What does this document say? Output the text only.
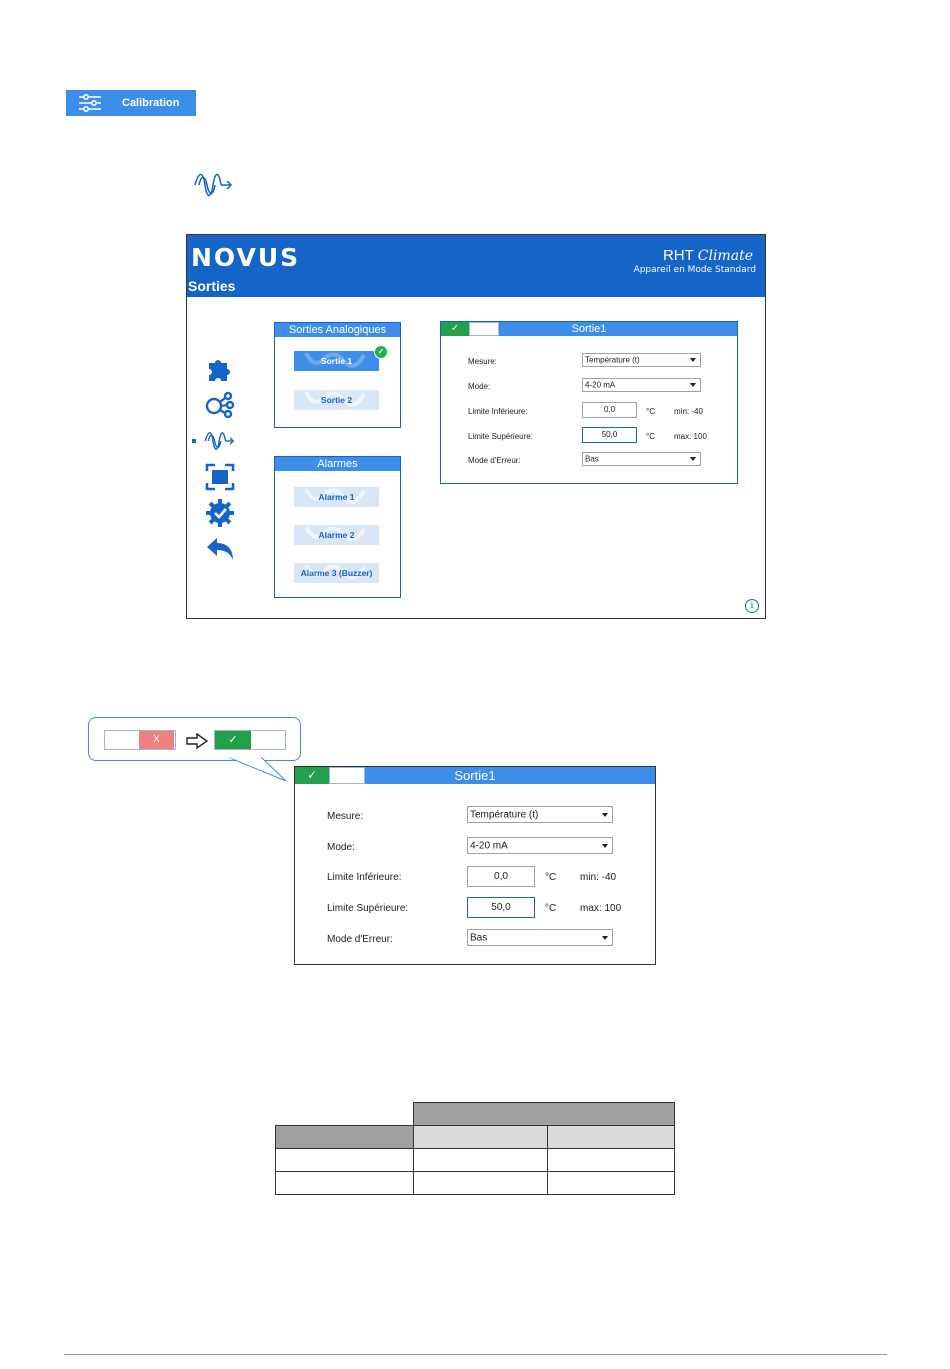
Calibration
NOVUS
Sorties
RHT Climate
Appareil en Mode Standard
Sorties Analogiques
Sortie 1
✓
Sortie 2
Alarmes
Alarme 1
Alarme 2
Alarme 3 (Buzzer)
✓	Sortie1
Mesure:	Température (t)
Mode:	4-20 mA
Limite Inférieure:	0,0	°C min: -40
Limite Supérieure:	50,0	°C max: 100
Mode d'Erreur:	Bas
i
X	✓
✓	Sortie1
Mesure:	Température (t)
Mode:	4-20 mA
Limite Inférieure:	0,0	°C min: -40
Limite Supérieure:	50,0	°C max: 100
Mode d'Erreur:	Bas
